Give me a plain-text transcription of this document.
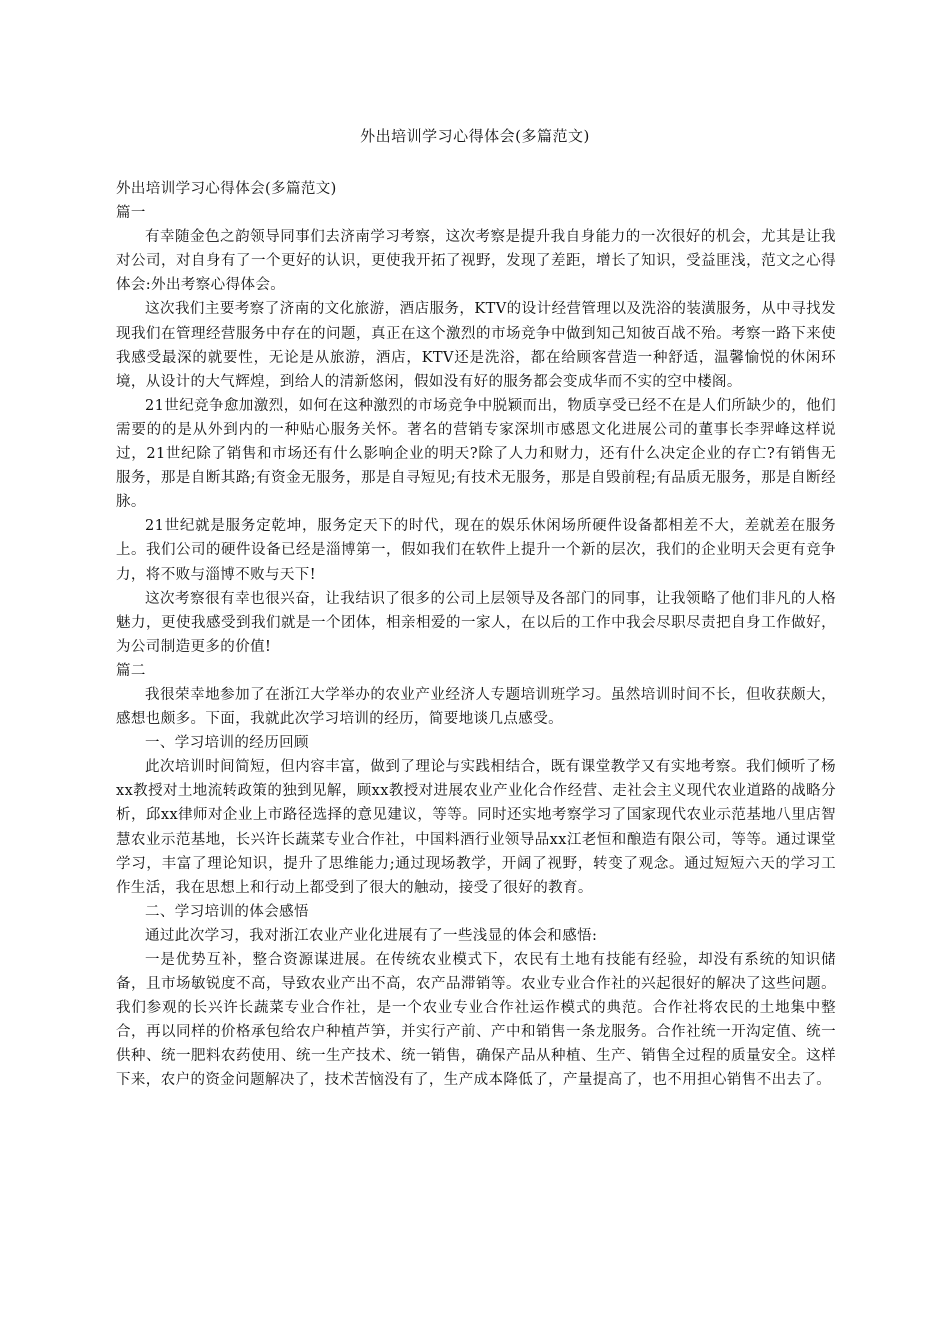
外出培训学习心得体会(多篇范文)

外出培训学习心得体会(多篇范文)

篇一

有幸随金色之韵领导同事们去济南学习考察，这次考察是提升我自身能力的一次很好的机会，尤其是让我对公司，对自身有了一个更好的认识，更使我开拓了视野，发现了差距，增长了知识，受益匪浅，范文之心得体会:外出考察心得体会。

这次我们主要考察了济南的文化旅游，酒店服务，KTV的设计经营管理以及洗浴的装潢服务，从中寻找发现我们在管理经营服务中存在的问题，真正在这个激烈的市场竞争中做到知己知彼百战不殆。考察一路下来使我感受最深的就要性，无论是从旅游，酒店，KTV还是洗浴，都在给顾客营造一种舒适，温馨愉悦的休闲环境，从设计的大气辉煌，到给人的清新悠闲，假如没有好的服务都会变成华而不实的空中楼阁。

21世纪竞争愈加激烈，如何在这种激烈的市场竞争中脱颖而出，物质享受已经不在是人们所缺少的，他们需要的的是从外到内的一种贴心服务关怀。著名的营销专家深圳市感恩文化进展公司的董事长李羿峰这样说过，21世纪除了销售和市场还有什么影响企业的明天?除了人力和财力，还有什么决定企业的存亡?有销售无服务，那是自断其路;有资金无服务，那是自寻短见;有技术无服务，那是自毁前程;有品质无服务，那是自断经脉。

21世纪就是服务定乾坤，服务定天下的时代，现在的娱乐休闲场所硬件设备都相差不大，差就差在服务上。我们公司的硬件设备已经是淄博第一，假如我们在软件上提升一个新的层次，我们的企业明天会更有竞争力，将不败与淄博不败与天下!

这次考察很有幸也很兴奋，让我结识了很多的公司上层领导及各部门的同事，让我领略了他们非凡的人格魅力，更使我感受到我们就是一个团体，相亲相爱的一家人，在以后的工作中我会尽职尽责把自身工作做好，为公司制造更多的价值!

篇二

我很荣幸地参加了在浙江大学举办的农业产业经济人专题培训班学习。虽然培训时间不长，但收获颇大，感想也颇多。下面，我就此次学习培训的经历，简要地谈几点感受。

一、学习培训的经历回顾

此次培训时间简短，但内容丰富，做到了理论与实践相结合，既有课堂教学又有实地考察。我们倾听了杨xx教授对土地流转政策的独到见解，顾xx教授对进展农业产业化合作经营、走社会主义现代农业道路的战略分析，邱xx律师对企业上市路径选择的意见建议，等等。同时还实地考察学习了国家现代农业示范基地八里店智慧农业示范基地，长兴许长蔬菜专业合作社，中国料酒行业领导品xx江老恒和酿造有限公司，等等。通过课堂学习，丰富了理论知识，提升了思维能力;通过现场教学，开阔了视野，转变了观念。通过短短六天的学习工作生活，我在思想上和行动上都受到了很大的触动，接受了很好的教育。

二、学习培训的体会感悟

通过此次学习，我对浙江农业产业化进展有了一些浅显的体会和感悟:

一是优势互补，整合资源谋进展。在传统农业模式下，农民有土地有技能有经验，却没有系统的知识储备，且市场敏锐度不高，导致农业产出不高，农产品滞销等。农业专业合作社的兴起很好的解决了这些问题。我们参观的长兴许长蔬菜专业合作社，是一个农业专业合作社运作模式的典范。合作社将农民的土地集中整合，再以同样的价格承包给农户种植芦笋，并实行产前、产中和销售一条龙服务。合作社统一开沟定值、统一供种、统一肥料农药使用、统一生产技术、统一销售，确保产品从种植、生产、销售全过程的质量安全。这样下来，农户的资金问题解决了，技术苦恼没有了，生产成本降低了，产量提高了，也不用担心销售不出去了。
